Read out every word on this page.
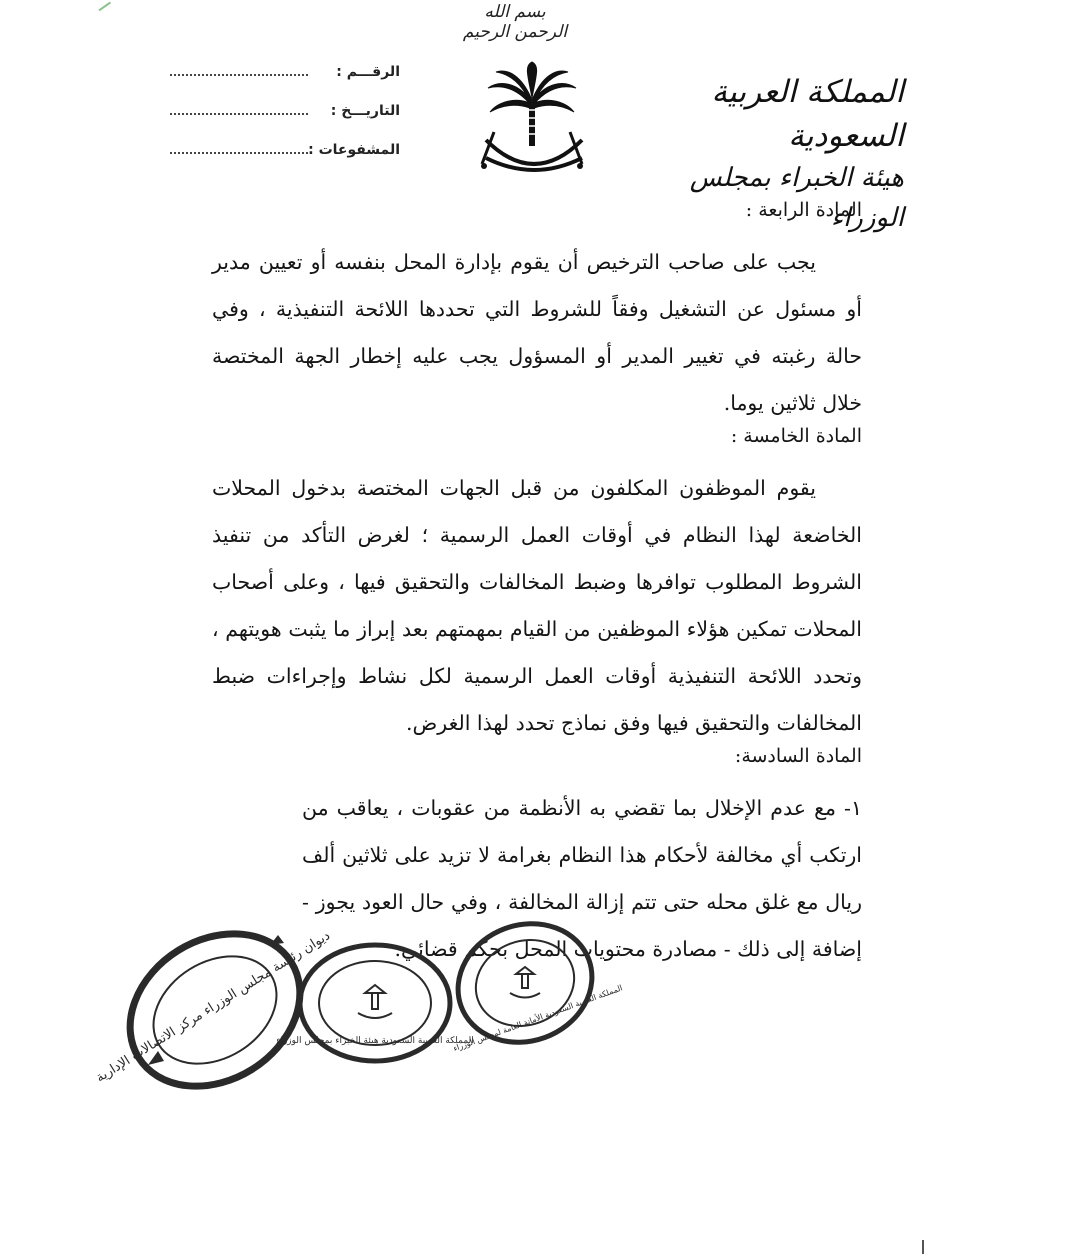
بسم الله الرحمن الرحيم
المملكة العربية السعودية
هيئة الخبراء بمجلس الوزراء
الرقـــم :
التاريـــخ :
المشفوعات :
المادة الرابعة :

يجب على صاحب الترخيص أن يقوم بإدارة المحل بنفسه أو تعيين مدير أو مسئول عن التشغيل وفقاً للشروط التي تحددها اللائحة التنفيذية ، وفي حالة رغبته في تغيير المدير أو المسؤول يجب عليه إخطار الجهة المختصة خلال ثلاثين يوما.

المادة الخامسة :

يقوم الموظفون المكلفون من قبل الجهات المختصة بدخول المحلات الخاضعة لهذا النظام في أوقات العمل الرسمية ؛ لغرض التأكد من تنفيذ الشروط المطلوب توافرها وضبط المخالفات والتحقيق فيها ، وعلى أصحاب المحلات تمكين هؤلاء الموظفين من القيام بمهمتهم بعد إبراز ما يثبت هويتهم ، وتحدد اللائحة التنفيذية أوقات العمل الرسمية لكل نشاط وإجراءات ضبط المخالفات والتحقيق فيها وفق نماذج تحدد لهذا الغرض.

المادة السادسة:

١- مع عدم الإخلال بما تقضي به الأنظمة من عقوبات ، يعاقب من ارتكب أي مخالفة لأحكام هذا النظام بغرامة لا تزيد على ثلاثين ألف ريال مع غلق محله حتى تتم إزالة المخالفة ، وفي حال العود يجوز - إضافة إلى ذلك - مصادرة محتويات المحل بحكم قضائي.

ديوان رئاسة مجلس الوزراء مركز الاتصالات الإدارية
المملكة العربية السعودية هيئة الخبراء بمجلس الوزراء
المملكة العربية السعودية الأمانة العامة لمجلس الوزراء
